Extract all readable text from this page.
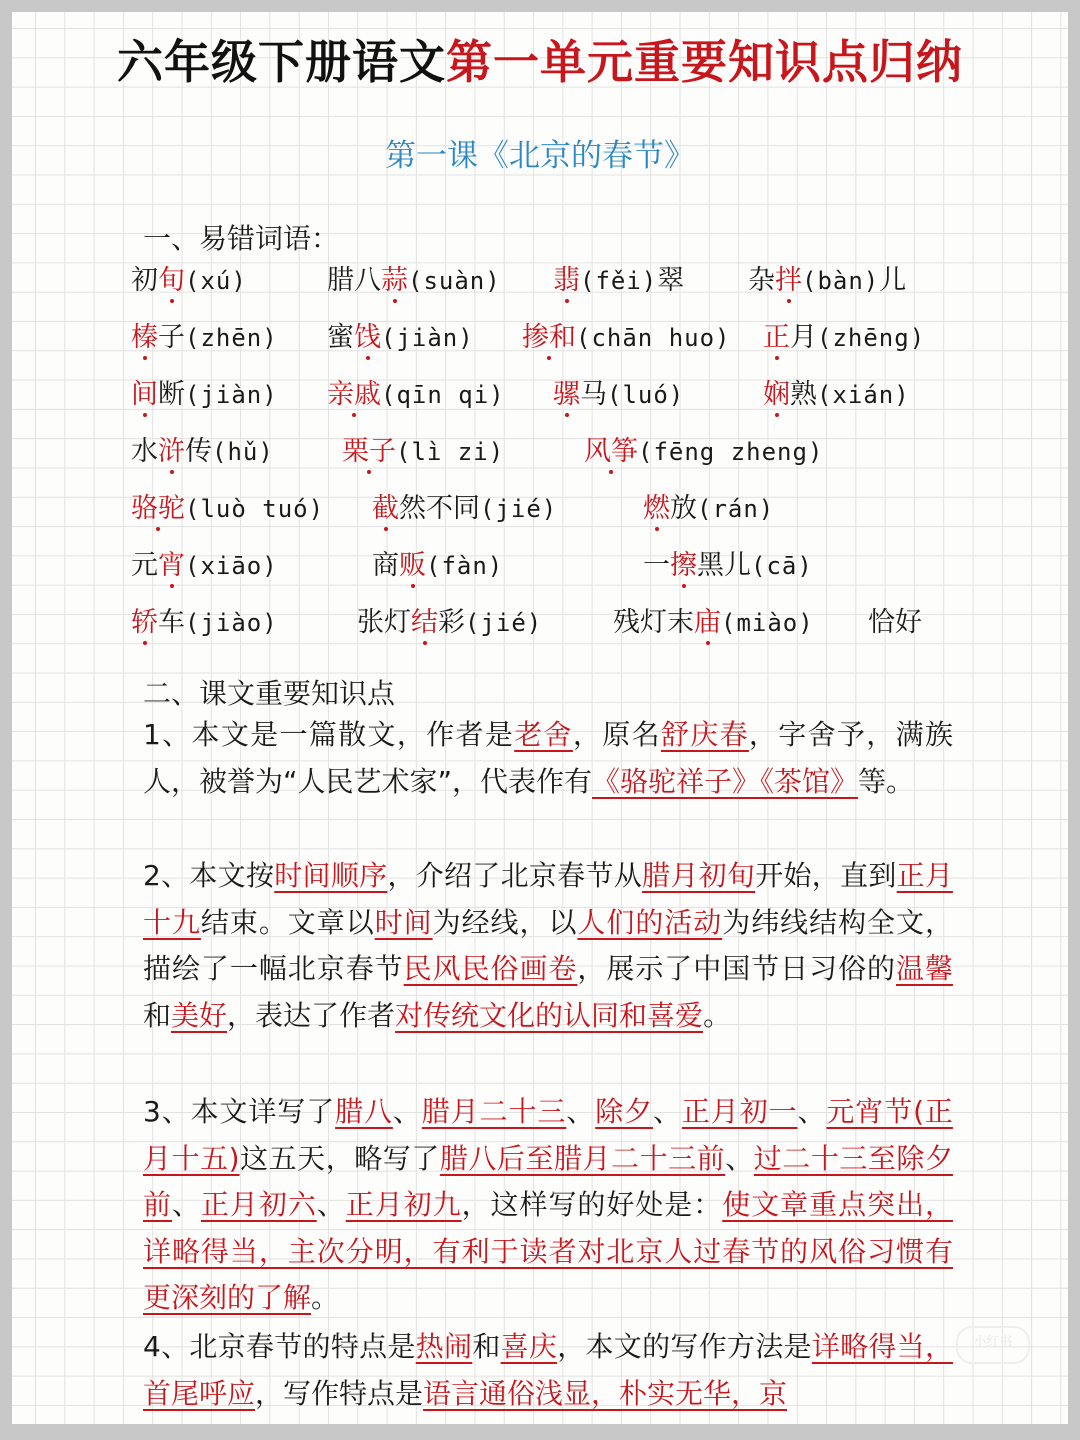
六年级下册语文第一单元重要知识点归纳
第一课《北京的春节》
一、易错词语：
初旬(xú)	腊八蒜(suàn) 翡(fěi)翠 杂拌(bàn)儿
榛子(zhēn) 蜜饯(jiàn) 掺和(chān huo) 正月(zhēng)
间断(jiàn) 亲戚(qīn qi) 骡马(luó)	娴熟(xián)
水浒传(hǔ)	栗子(lì zi)	风筝(fēng zheng)
骆驼(luò tuó) 截然不同(jié)	燃放(rán)
元宵(xiāo)	商贩(fàn)	一擦黑儿(cā)
轿车(jiào)	张灯结彩(jié)	残灯末庙(miào) 恰好
二、课文重要知识点
1、本文是一篇散文，作者是老舍，原名舒庆春，字舍予，满族人，被誉为“人民艺术家”，代表作有《骆驼祥子》《茶馆》等。
2、本文按时间顺序，介绍了北京春节从腊月初旬开始，直到正月十九结束。文章以时间为经线，以人们的活动为纬线结构全文，描绘了一幅北京春节民风民俗画卷，展示了中国节日习俗的温馨和美好，表达了作者对传统文化的认同和喜爱。
3、本文详写了腊八、腊月二十三、除夕、正月初一、元宵节(正月十五)这五天，略写了腊八后至腊月二十三前、过二十三至除夕前、正月初六、正月初九，这样写的好处是：使文章重点突出，详略得当，主次分明，有利于读者对北京人过春节的风俗习惯有更深刻的了解。
4、北京春节的特点是热闹和喜庆，本文的写作方法是详略得当，首尾呼应，写作特点是语言通俗浅显，朴实无华，京
小红书
